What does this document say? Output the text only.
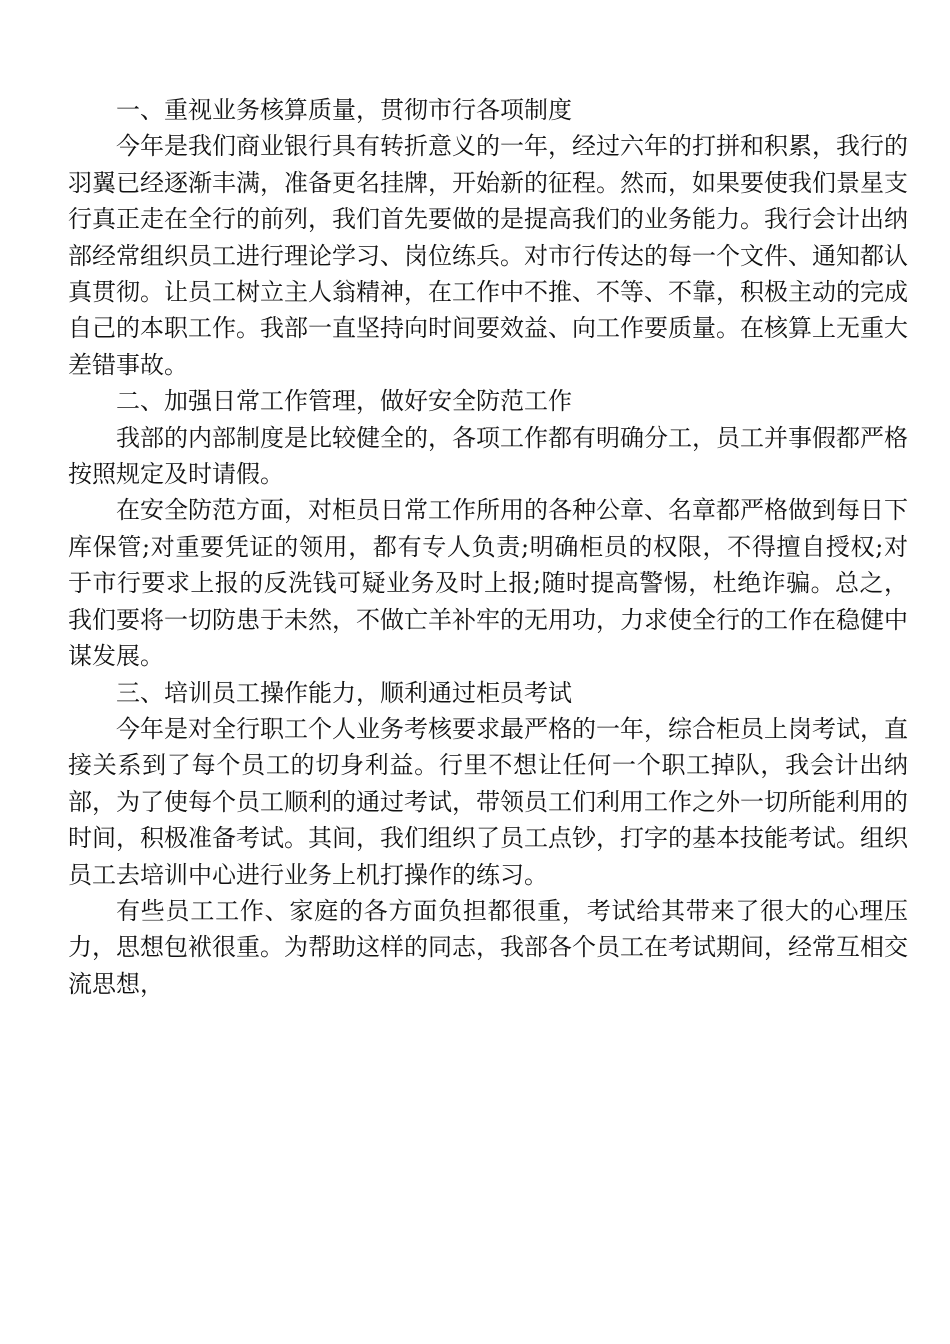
一、重视业务核算质量，贯彻市行各项制度

今年是我们商业银行具有转折意义的一年，经过六年的打拼和积累，我行的羽翼已经逐渐丰满，准备更名挂牌，开始新的征程。然而，如果要使我们景星支行真正走在全行的前列，我们首先要做的是提高我们的业务能力。我行会计出纳部经常组织员工进行理论学习、岗位练兵。对市行传达的每一个文件、通知都认真贯彻。让员工树立主人翁精神，在工作中不推、不等、不靠，积极主动的完成自己的本职工作。我部一直坚持向时间要效益、向工作要质量。在核算上无重大差错事故。

二、加强日常工作管理，做好安全防范工作

我部的内部制度是比较健全的，各项工作都有明确分工，员工并事假都严格按照规定及时请假。

在安全防范方面，对柜员日常工作所用的各种公章、名章都严格做到每日下库保管;对重要凭证的领用，都有专人负责;明确柜员的权限，不得擅自授权;对于市行要求上报的反洗钱可疑业务及时上报;随时提高警惕，杜绝诈骗。总之，我们要将一切防患于未然，不做亡羊补牢的无用功，力求使全行的工作在稳健中谋发展。

三、培训员工操作能力，顺利通过柜员考试

今年是对全行职工个人业务考核要求最严格的一年，综合柜员上岗考试，直接关系到了每个员工的切身利益。行里不想让任何一个职工掉队，我会计出纳部，为了使每个员工顺利的通过考试，带领员工们利用工作之外一切所能利用的时间，积极准备考试。其间，我们组织了员工点钞，打字的基本技能考试。组织员工去培训中心进行业务上机打操作的练习。

有些员工工作、家庭的各方面负担都很重，考试给其带来了很大的心理压力，思想包袱很重。为帮助这样的同志，我部各个员工在考试期间，经常互相交流思想，
